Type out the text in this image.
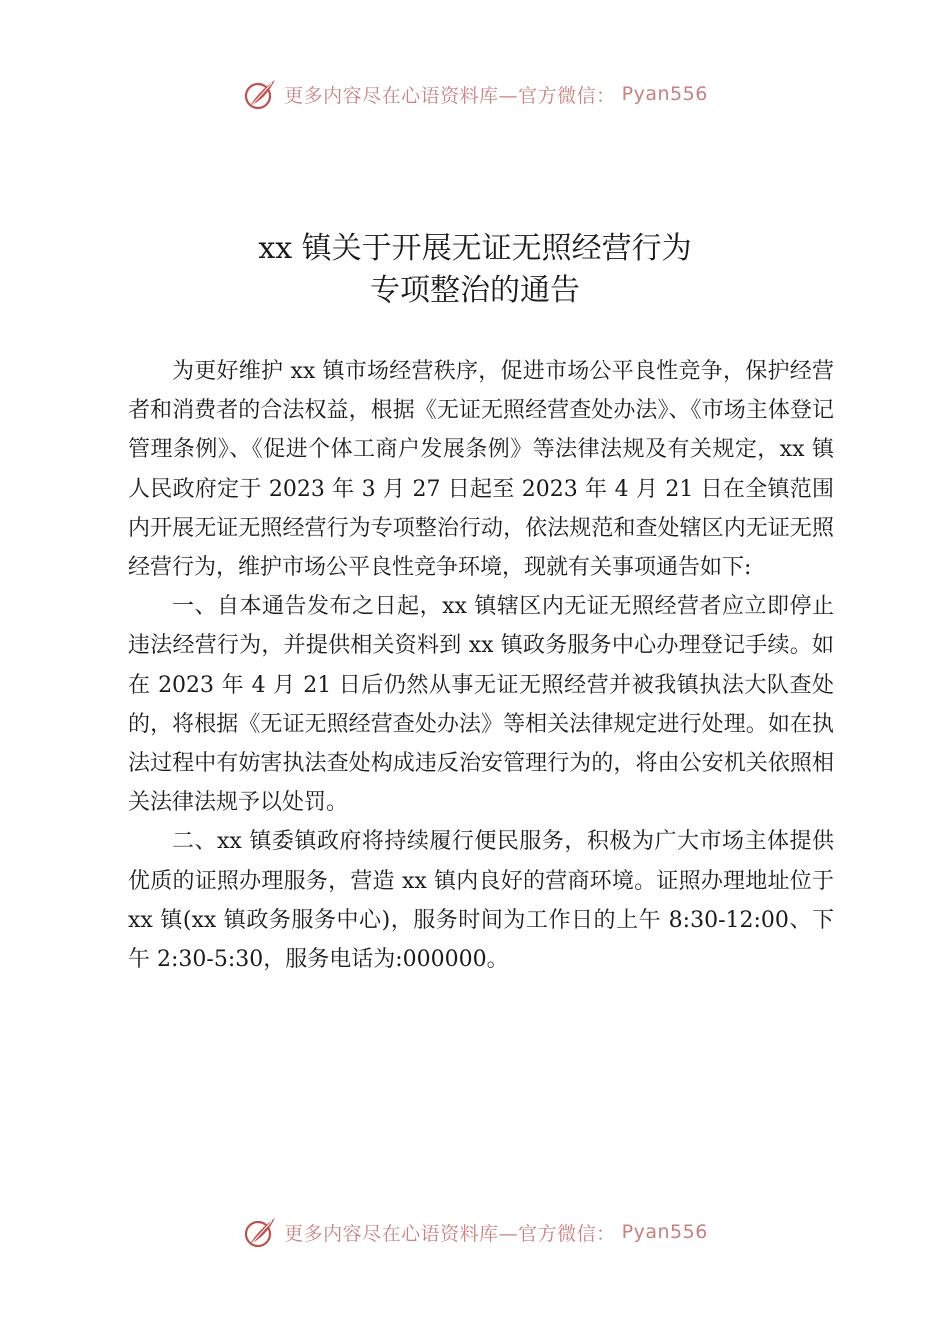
更多内容尽在心语资料库—官方微信： Pyan556
xx 镇关于开展无证无照经营行为
专项整治的通告

为更好维护 xx 镇市场经营秩序，促进市场公平良性竞争，保护经营者和消费者的合法权益，根据《无证无照经营查处办法》、《市场主体登记管理条例》、《促进个体工商户发展条例》等法律法规及有关规定，xx 镇人民政府定于 2023 年 3 月 27 日起至 2023 年 4 月 21 日在全镇范围内开展无证无照经营行为专项整治行动，依法规范和查处辖区内无证无照经营行为，维护市场公平良性竞争环境，现就有关事项通告如下:

一、自本通告发布之日起，xx 镇辖区内无证无照经营者应立即停止违法经营行为，并提供相关资料到 xx 镇政务服务中心办理登记手续。如在 2023 年 4 月 21 日后仍然从事无证无照经营并被我镇执法大队查处的，将根据《无证无照经营查处办法》等相关法律规定进行处理。如在执法过程中有妨害执法查处构成违反治安管理行为的，将由公安机关依照相关法律法规予以处罚。

二、xx 镇委镇政府将持续履行便民服务，积极为广大市场主体提供优质的证照办理服务，营造 xx 镇内良好的营商环境。证照办理地址位于 xx 镇(xx 镇政务服务中心)，服务时间为工作日的上午 8:30-12:00、下午 2:30-5:30，服务电话为:000000。

更多内容尽在心语资料库—官方微信： Pyan556
